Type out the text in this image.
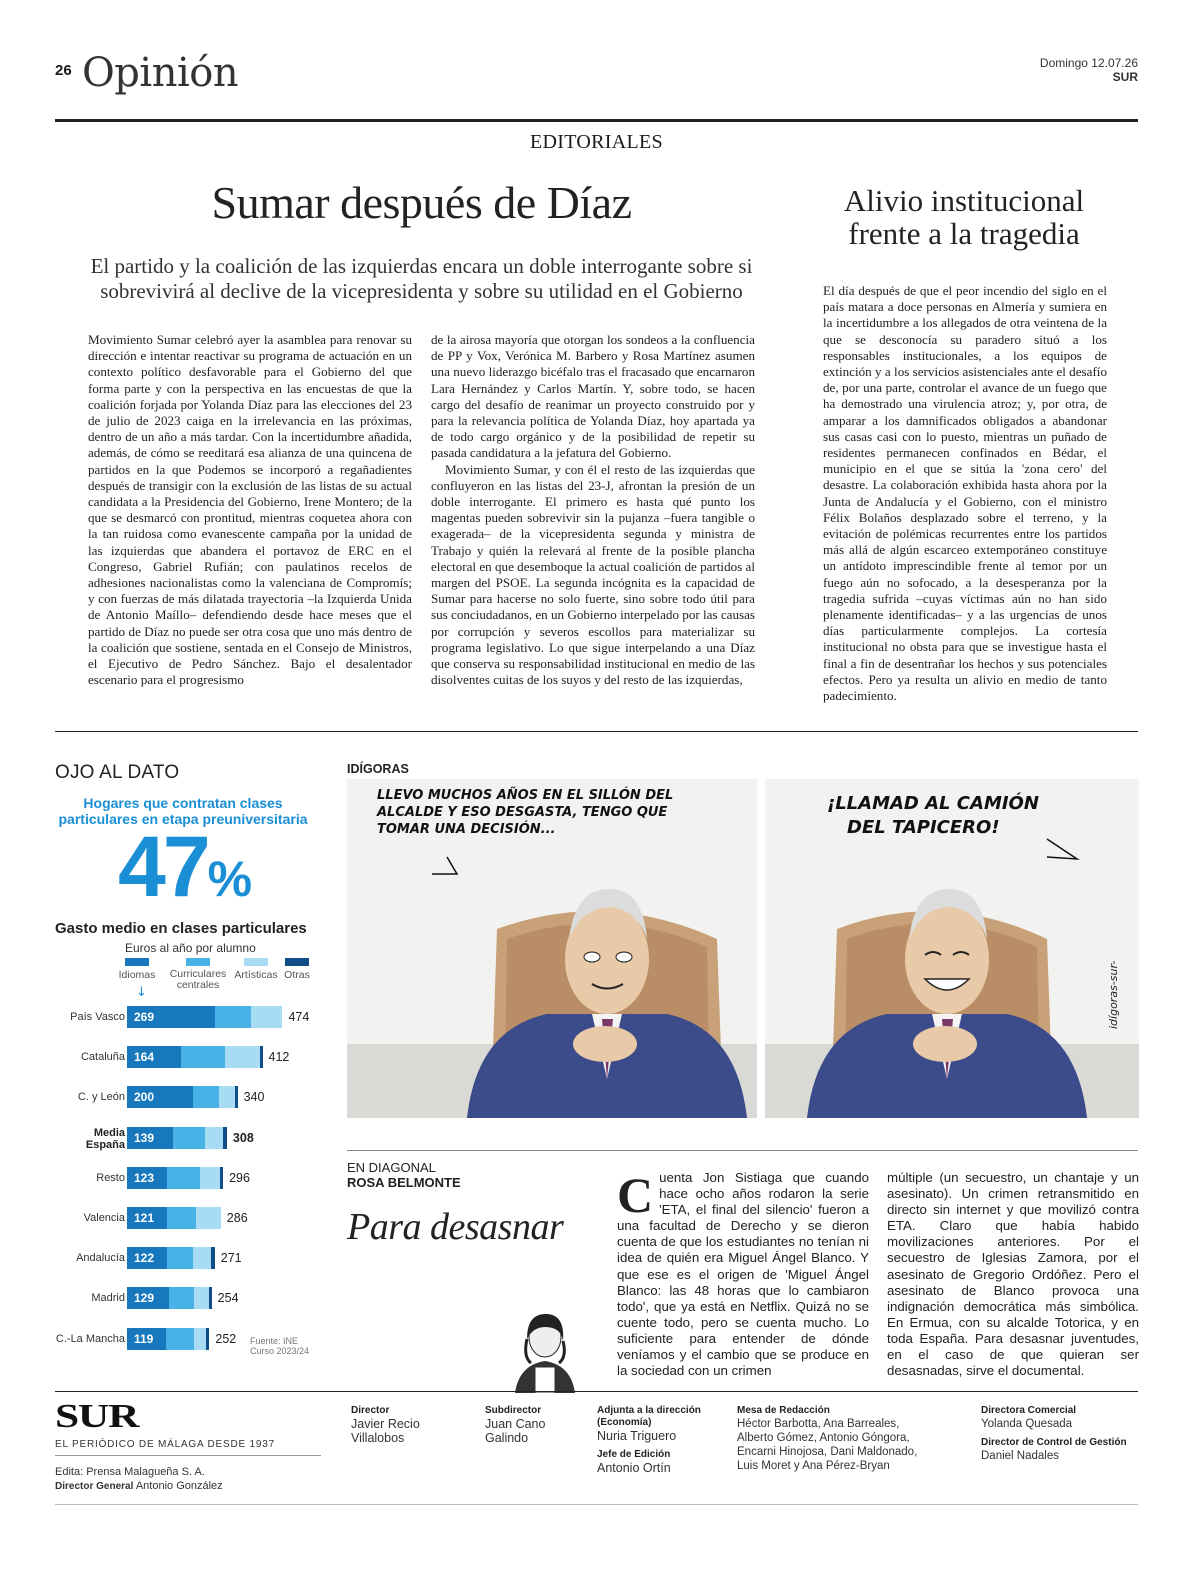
26 Opinión	Domingo 12.07.26
SUR
EDITORIALES
Sumar después de Díaz
El partido y la coalición de las izquierdas encara un doble interrogante sobre si sobrevivirá al declive de la vicepresidenta y sobre su utilidad en el Gobierno

Movimiento Sumar celebró ayer la asamblea para renovar su dirección e intentar reactivar su programa de actuación en un contexto político desfavorable para el Gobierno del que forma parte y con la perspectiva en las encuestas de que la coalición forjada por Yolanda Díaz para las elecciones del 23 de julio de 2023 caiga en la irrelevancia en las próximas, dentro de un año a más tardar. Con la incertidumbre añadida, además, de cómo se reeditará esa alianza de una quincena de partidos en la que Podemos se incorporó a regañadientes después de transigir con la exclusión de las listas de su actual candidata a la Presidencia del Gobierno, Irene Montero; de la que se desmarcó con prontitud, mientras coquetea ahora con la tan ruidosa como evanescente campaña por la unidad de las izquierdas que abandera el portavoz de ERC en el Congreso, Gabriel Rufián; con paulatinos recelos de adhesiones nacionalistas como la valenciana de Compromís; y con fuerzas de más dilatada trayectoria –la Izquierda Unida de Antonio Maíllo– defendiendo desde hace meses que el partido de Díaz no puede ser otra cosa que uno más dentro de la coalición que sostiene, sentada en el Consejo de Ministros, el Ejecutivo de Pedro Sánchez. Bajo el desalentador escenario para el progresismo

de la airosa mayoría que otorgan los sondeos a la confluencia de PP y Vox, Verónica M. Barbero y Rosa Martínez asumen una nuevo liderazgo bicéfalo tras el fracasado que encarnaron Lara Hernández y Carlos Martín. Y, sobre todo, se hacen cargo del desafío de reanimar un proyecto construido por y para la relevancia política de Yolanda Díaz, hoy apartada ya de todo cargo orgánico y de la posibilidad de repetir su pasada candidatura a la jefatura del Gobierno.

Movimiento Sumar, y con él el resto de las izquierdas que confluyeron en las listas del 23-J, afrontan la presión de un doble interrogante. El primero es hasta qué punto los magentas pueden sobrevivir sin la pujanza –fuera tangible o exagerada– de la vicepresidenta segunda y ministra de Trabajo y quién la relevará al frente de la posible plancha electoral en que desemboque la actual coalición de partidos al margen del PSOE. La segunda incógnita es la capacidad de Sumar para hacerse no solo fuerte, sino sobre todo útil para sus conciudadanos, en un Gobierno interpelado por las causas por corrupción y severos escollos para materializar su programa legislativo. Lo que sigue interpelando a una Díaz que conserva su responsabilidad institucional en medio de las disolventes cuitas de los suyos y del resto de las izquierdas,

Alivio institucional frente a la tragedia
El día después de que el peor incendio del siglo en el país matara a doce personas en Almería y sumiera en la incertidumbre a los allegados de otra veintena de la que se desconocía su paradero situó a los responsables institucionales, a los equipos de extinción y a los servicios asistenciales ante el desafío de, por una parte, controlar el avance de un fuego que ha demostrado una virulencia atroz; y, por otra, de amparar a los damnificados obligados a abandonar sus casas casi con lo puesto, mientras un puñado de residentes permanecen confinados en Bédar, el municipio en el que se sitúa la 'zona cero' del desastre. La colaboración exhibida hasta ahora por la Junta de Andalucía y el Gobierno, con el ministro Félix Bolaños desplazado sobre el terreno, y la evitación de polémicas recurrentes entre los partidos más allá de algún escarceo extemporáneo constituye un antídoto imprescindible frente al temor por un fuego aún no sofocado, a la desesperanza por la tragedia sufrida –cuyas víctimas aún no han sido plenamente identificadas– y a las urgencias de unos días particularmente complejos. La cortesía institucional no obsta para que se investigue hasta el final a fin de desentrañar los hechos y sus potenciales efectos. Pero ya resulta un alivio en medio de tanto padecimiento.
OJO AL DATO
Hogares que contratan clases particulares en etapa preuniversitaria
47%
Gasto medio en clases particulares
Euros al año por alumno
Idiomas	Curriculares centrales
Artísticas Otras
↓
País Vasco 269	474
Cataluña 164	412
C. y León 200	340
Media
España 139	308
Resto 123	296
Valencia 121	286
Andalucía 122	271
Madrid 129	254
C.-La Mancha 119	252 Fuente: INE
Curso 2023/24
IDÍGORAS
LLEVO MUCHOS AÑOS EN EL SILLÓN DEL ALCALDE Y ESO DESGASTA, TENGO QUE TOMAR UNA DECISIÓN...
¡LLAMAD AL CAMIÓN DEL TAPICERO!
idígoras-sur-
EN DIAGONAL
ROSA BELMONTE
Para desasnar
Cuenta Jon Sistiaga que cuando hace ocho años rodaron la serie 'ETA, el final del silencio' fueron a una facultad de Derecho y se dieron cuenta de que los estudiantes no tenían ni idea de quién era Miguel Ángel Blanco. Y que ese es el origen de 'Miguel Ángel Blanco: las 48 horas que lo cambiaron todo', que ya está en Netflix. Quizá no se cuente todo, pero se cuenta mucho. Lo suficiente para entender de dónde veníamos y el cambio que se produce en la sociedad con un crimen
múltiple (un secuestro, un chantaje y un asesinato). Un crimen retransmitido en directo sin internet y que movilizó contra ETA. Claro que había habido movilizaciones anteriores. Por el secuestro de Iglesias Zamora, por el asesinato de Gregorio Ordóñez. Pero el asesinato de Blanco provoca una indignación democrática más simbólica. En Ermua, con su alcalde Totorica, y en toda España. Para desasnar juventudes, en el caso de que quieran ser desasnadas, sirve el documental.
SUR
EL PERIÓDICO DE MÁLAGA DESDE 1937
Edita: Prensa Malagueña S. A.
Director General Antonio González
Director
Javier Recio Villalobos
Subdirector
Juan Cano Galindo
Adjunta a la dirección (Economía)
Nuria Triguero
Jefe de Edición
Antonio Ortín
Mesa de Redacción
Héctor Barbotta, Ana Barreales, Alberto Gómez, Antonio Góngora, Encarni Hinojosa, Dani Maldonado, Luis Moret y Ana Pérez-Bryan
Directora Comercial
Yolanda Quesada
Director de Control de Gestión
Daniel Nadales
